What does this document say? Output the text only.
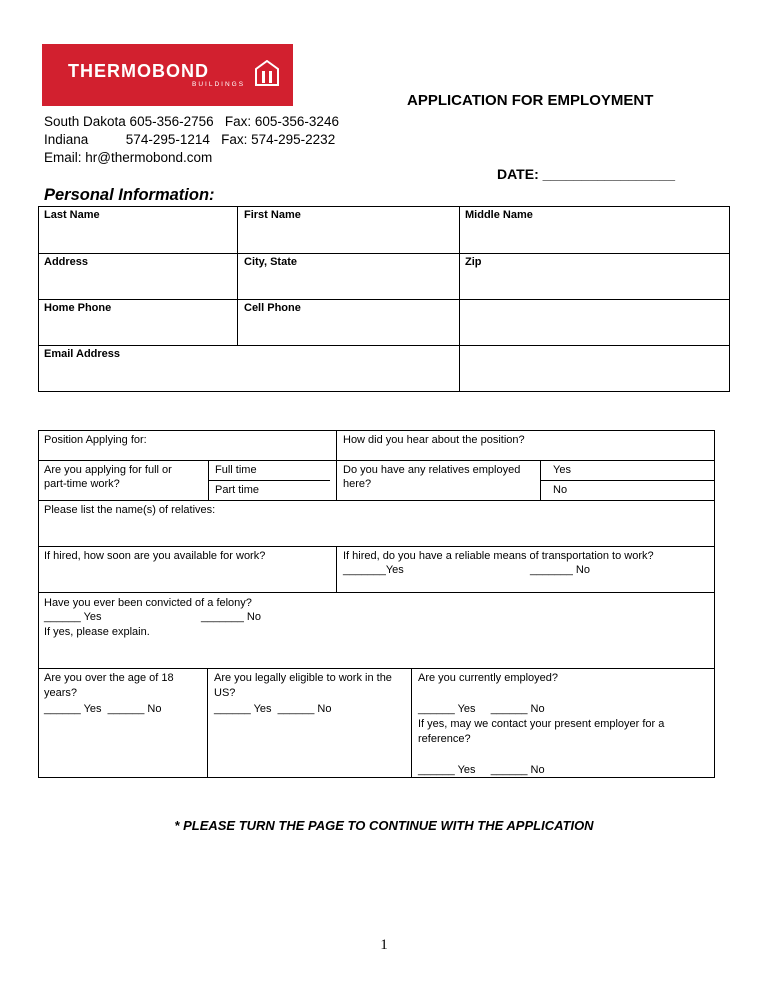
THERMOBOND
BUILDINGS
APPLICATION FOR EMPLOYMENT
South Dakota 605-356-2756   Fax: 605-356-3246
Indiana          574-295-1214   Fax: 574-295-2232
Email: hr@thermobond.com
DATE: _________________
Personal Information:
Last Name	First Name	Middle Name
Address	City, State	Zip
Home Phone	Cell Phone
Email Address
Position Applying for:	How did you hear about the position?
Are you applying for full or
part-time work?
Full time
Part time
Do you have any relatives employed
here?
Yes
No
Please list the name(s) of relatives:
If hired, how soon are you available for work?	If hired, do you have a reliable means of transportation to work?
_______Yes	_______ No
Have you ever been convicted of a felony?
______ Yes	_______ No
If yes, please explain.
Are you over the age of 18
years?
______ Yes  ______ No
Are you legally eligible to work in the
US?
______ Yes  ______ No
Are you currently employed?
______ Yes     ______ No
If yes, may we contact your present employer for a
reference?
______ Yes     ______ No
* PLEASE TURN THE PAGE TO CONTINUE WITH THE APPLICATION
1
